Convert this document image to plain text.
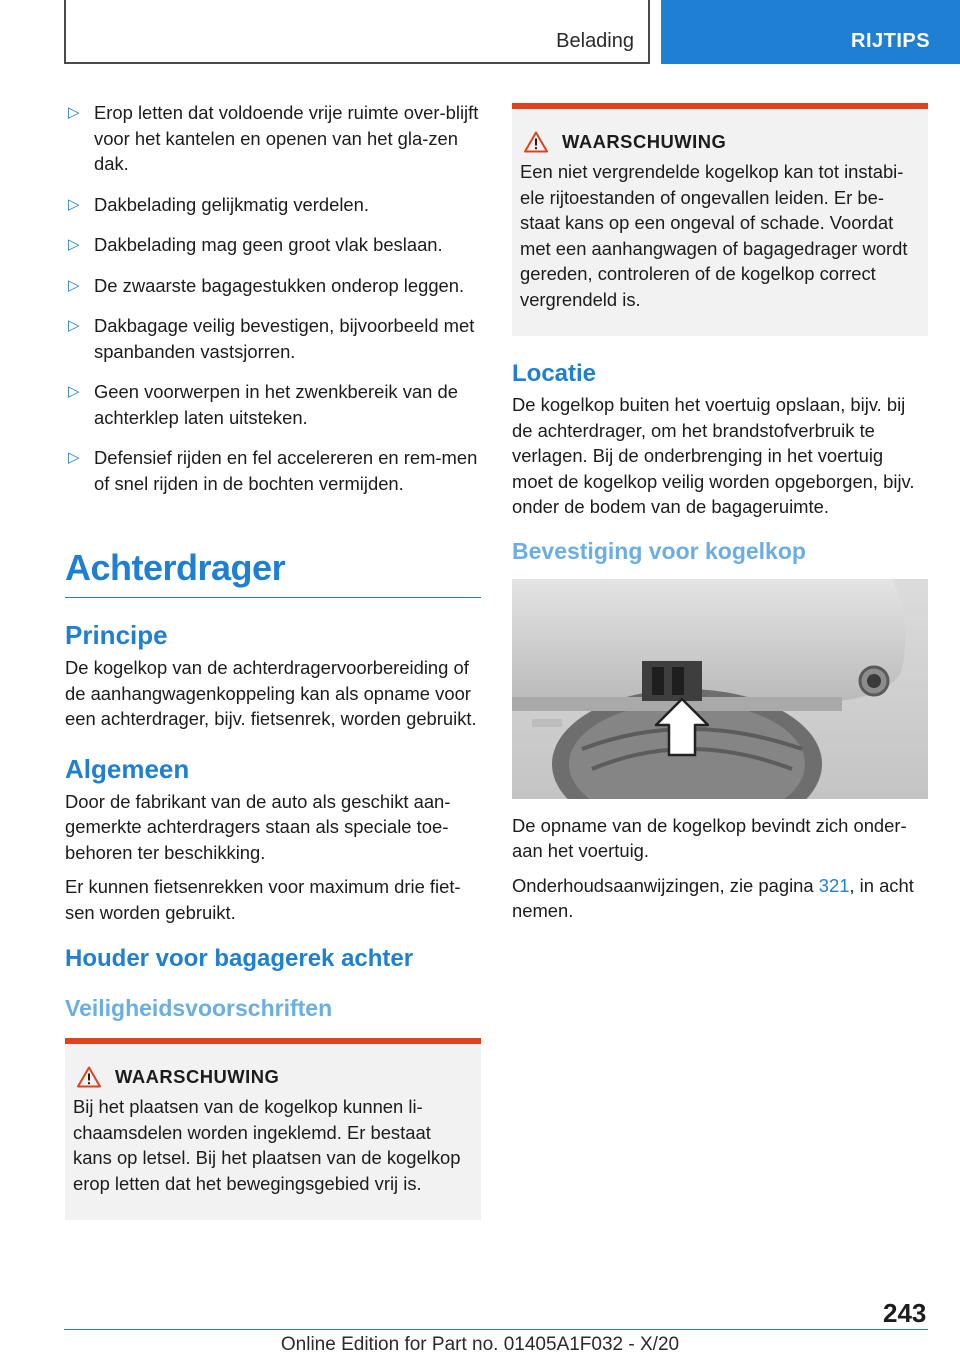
Belading	RIJTIPS
▷ Erop letten dat voldoende vrije ruimte over-blijft voor het kantelen en openen van het gla-zen dak.
▷ Dakbelading gelijkmatig verdelen.
▷ Dakbelading mag geen groot vlak beslaan.
▷ De zwaarste bagagestukken onderop leggen.
▷ Dakbagage veilig bevestigen, bijvoorbeeld met spanbanden vastsjorren.
▷ Geen voorwerpen in het zwenkbereik van de achterklep laten uitsteken.
▷ Defensief rijden en fel accelereren en rem-men of snel rijden in de bochten vermijden.
Achterdrager
Principe

De kogelkop van de achterdragervoorbereiding of de aanhangwagenkoppeling kan als opname voor een achterdrager, bijv. fietsenrek, worden gebruikt.

Algemeen

Door de fabrikant van de auto als geschikt aan-gemerkte achterdragers staan als speciale toe-behoren ter beschikking.

Er kunnen fietsenrekken voor maximum drie fiet-sen worden gebruikt.

Houder voor bagagerek achter
Veiligheidsvoorschriften
WAARSCHUWING

Bij het plaatsen van de kogelkop kunnen li-chaamsdelen worden ingeklemd. Er bestaat kans op letsel. Bij het plaatsen van de kogelkop erop letten dat het bewegingsgebied vrij is.

WAARSCHUWING

Een niet vergrendelde kogelkop kan tot instabi-ele rijtoestanden of ongevallen leiden. Er be-staat kans op een ongeval of schade. Voordat met een aanhangwagen of bagagedrager wordt gereden, controleren of de kogelkop correct vergrendeld is.

Locatie

De kogelkop buiten het voertuig opslaan, bijv. bij de achterdrager, om het brandstofverbruik te verlagen. Bij de onderbrenging in het voertuig moet de kogelkop veilig worden opgeborgen, bijv. onder de bodem van de bagageruimte.

Bevestiging voor kogelkop

De opname van de kogelkop bevindt zich onder-aan het voertuig.

Onderhoudsaanwijzingen, zie pagina 321, in acht nemen.

243
Online Edition for Part no. 01405A1F032 - X/20
